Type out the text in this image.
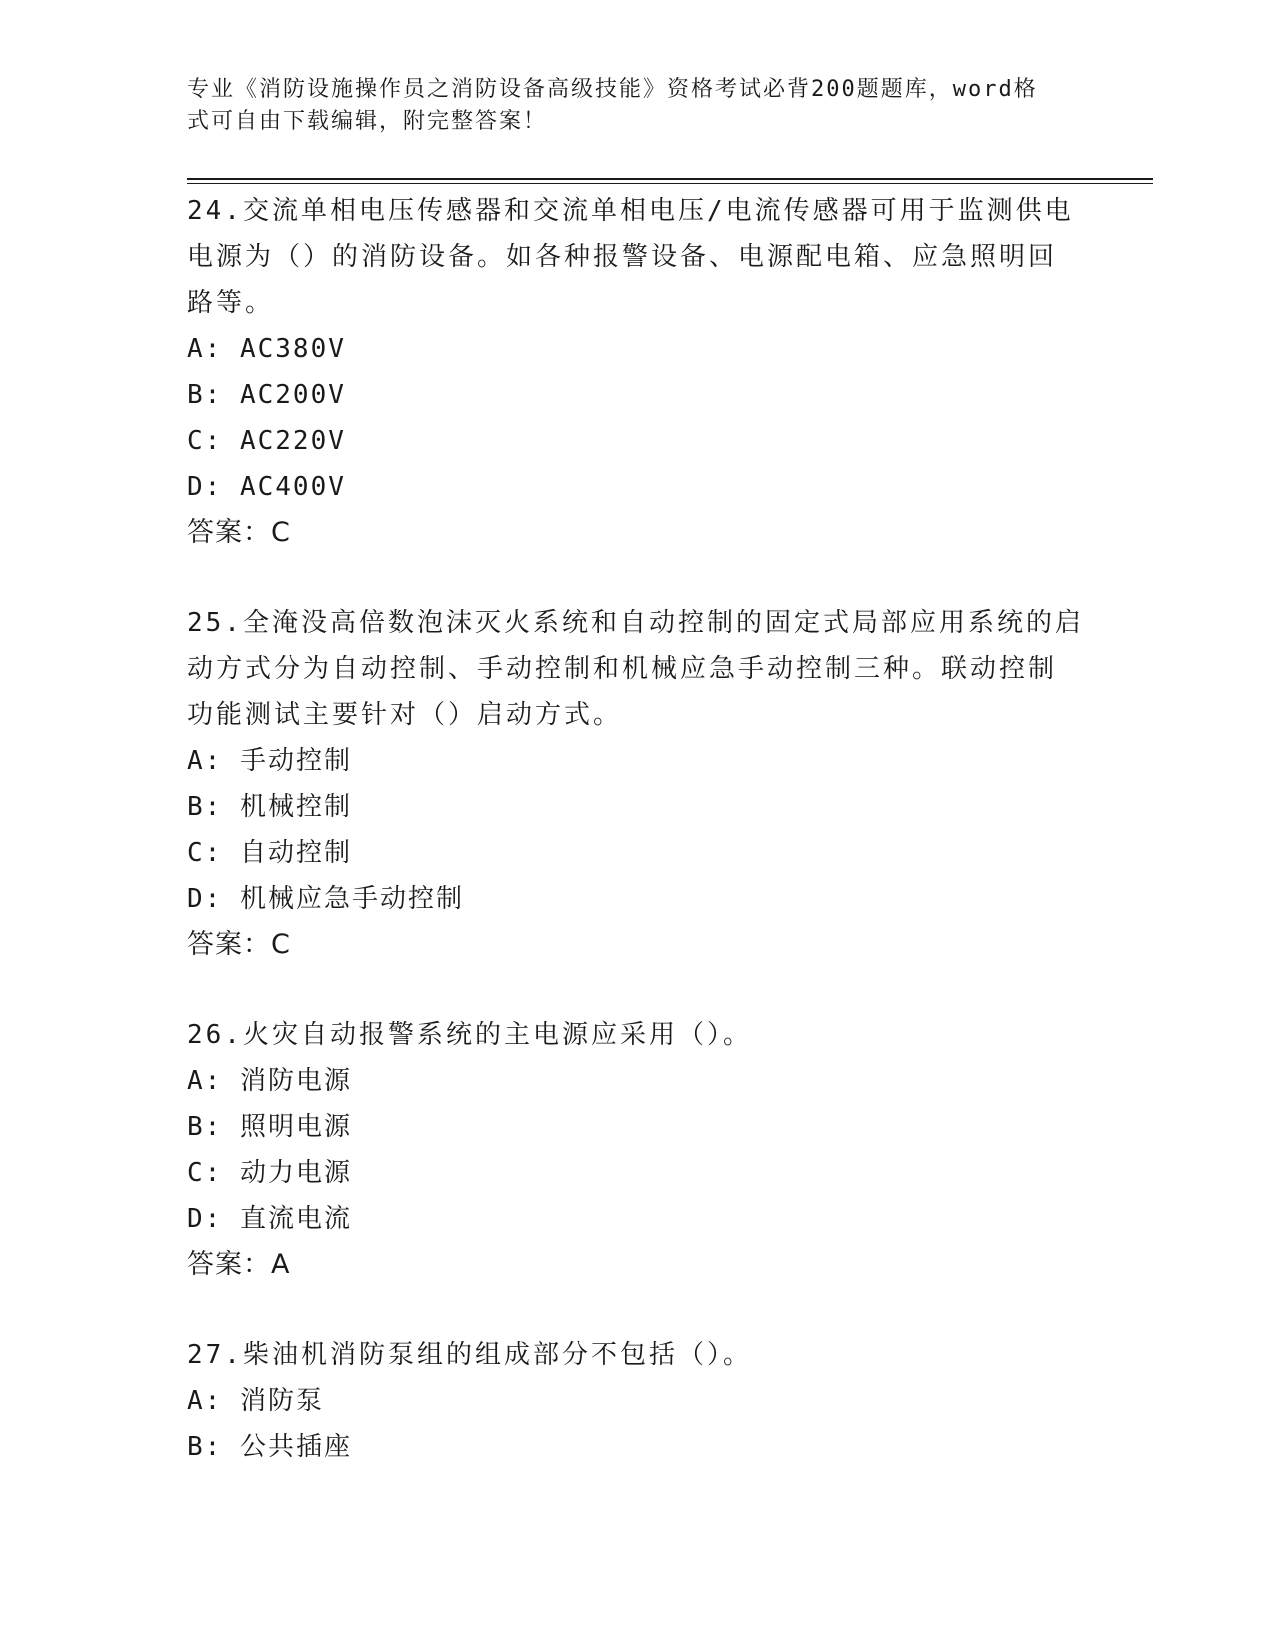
专业《消防设施操作员之消防设备高级技能》资格考试必背200题题库，word格
式可自由下载编辑，附完整答案！
24.交流单相电压传感器和交流单相电压/电流传感器可用于监测供电
电源为（）的消防设备。如各种报警设备、电源配电箱、应急照明回
路等。
A: AC380V
B: AC200V
C: AC220V
D: AC400V
答案：C
25.全淹没高倍数泡沫灭火系统和自动控制的固定式局部应用系统的启
动方式分为自动控制、手动控制和机械应急手动控制三种。联动控制
功能测试主要针对（）启动方式。
A: 手动控制
B: 机械控制
C: 自动控制
D: 机械应急手动控制
答案：C
26.火灾自动报警系统的主电源应采用（）。
A: 消防电源
B: 照明电源
C: 动力电源
D: 直流电流
答案：A
27.柴油机消防泵组的组成部分不包括（）。
A: 消防泵
B: 公共插座
